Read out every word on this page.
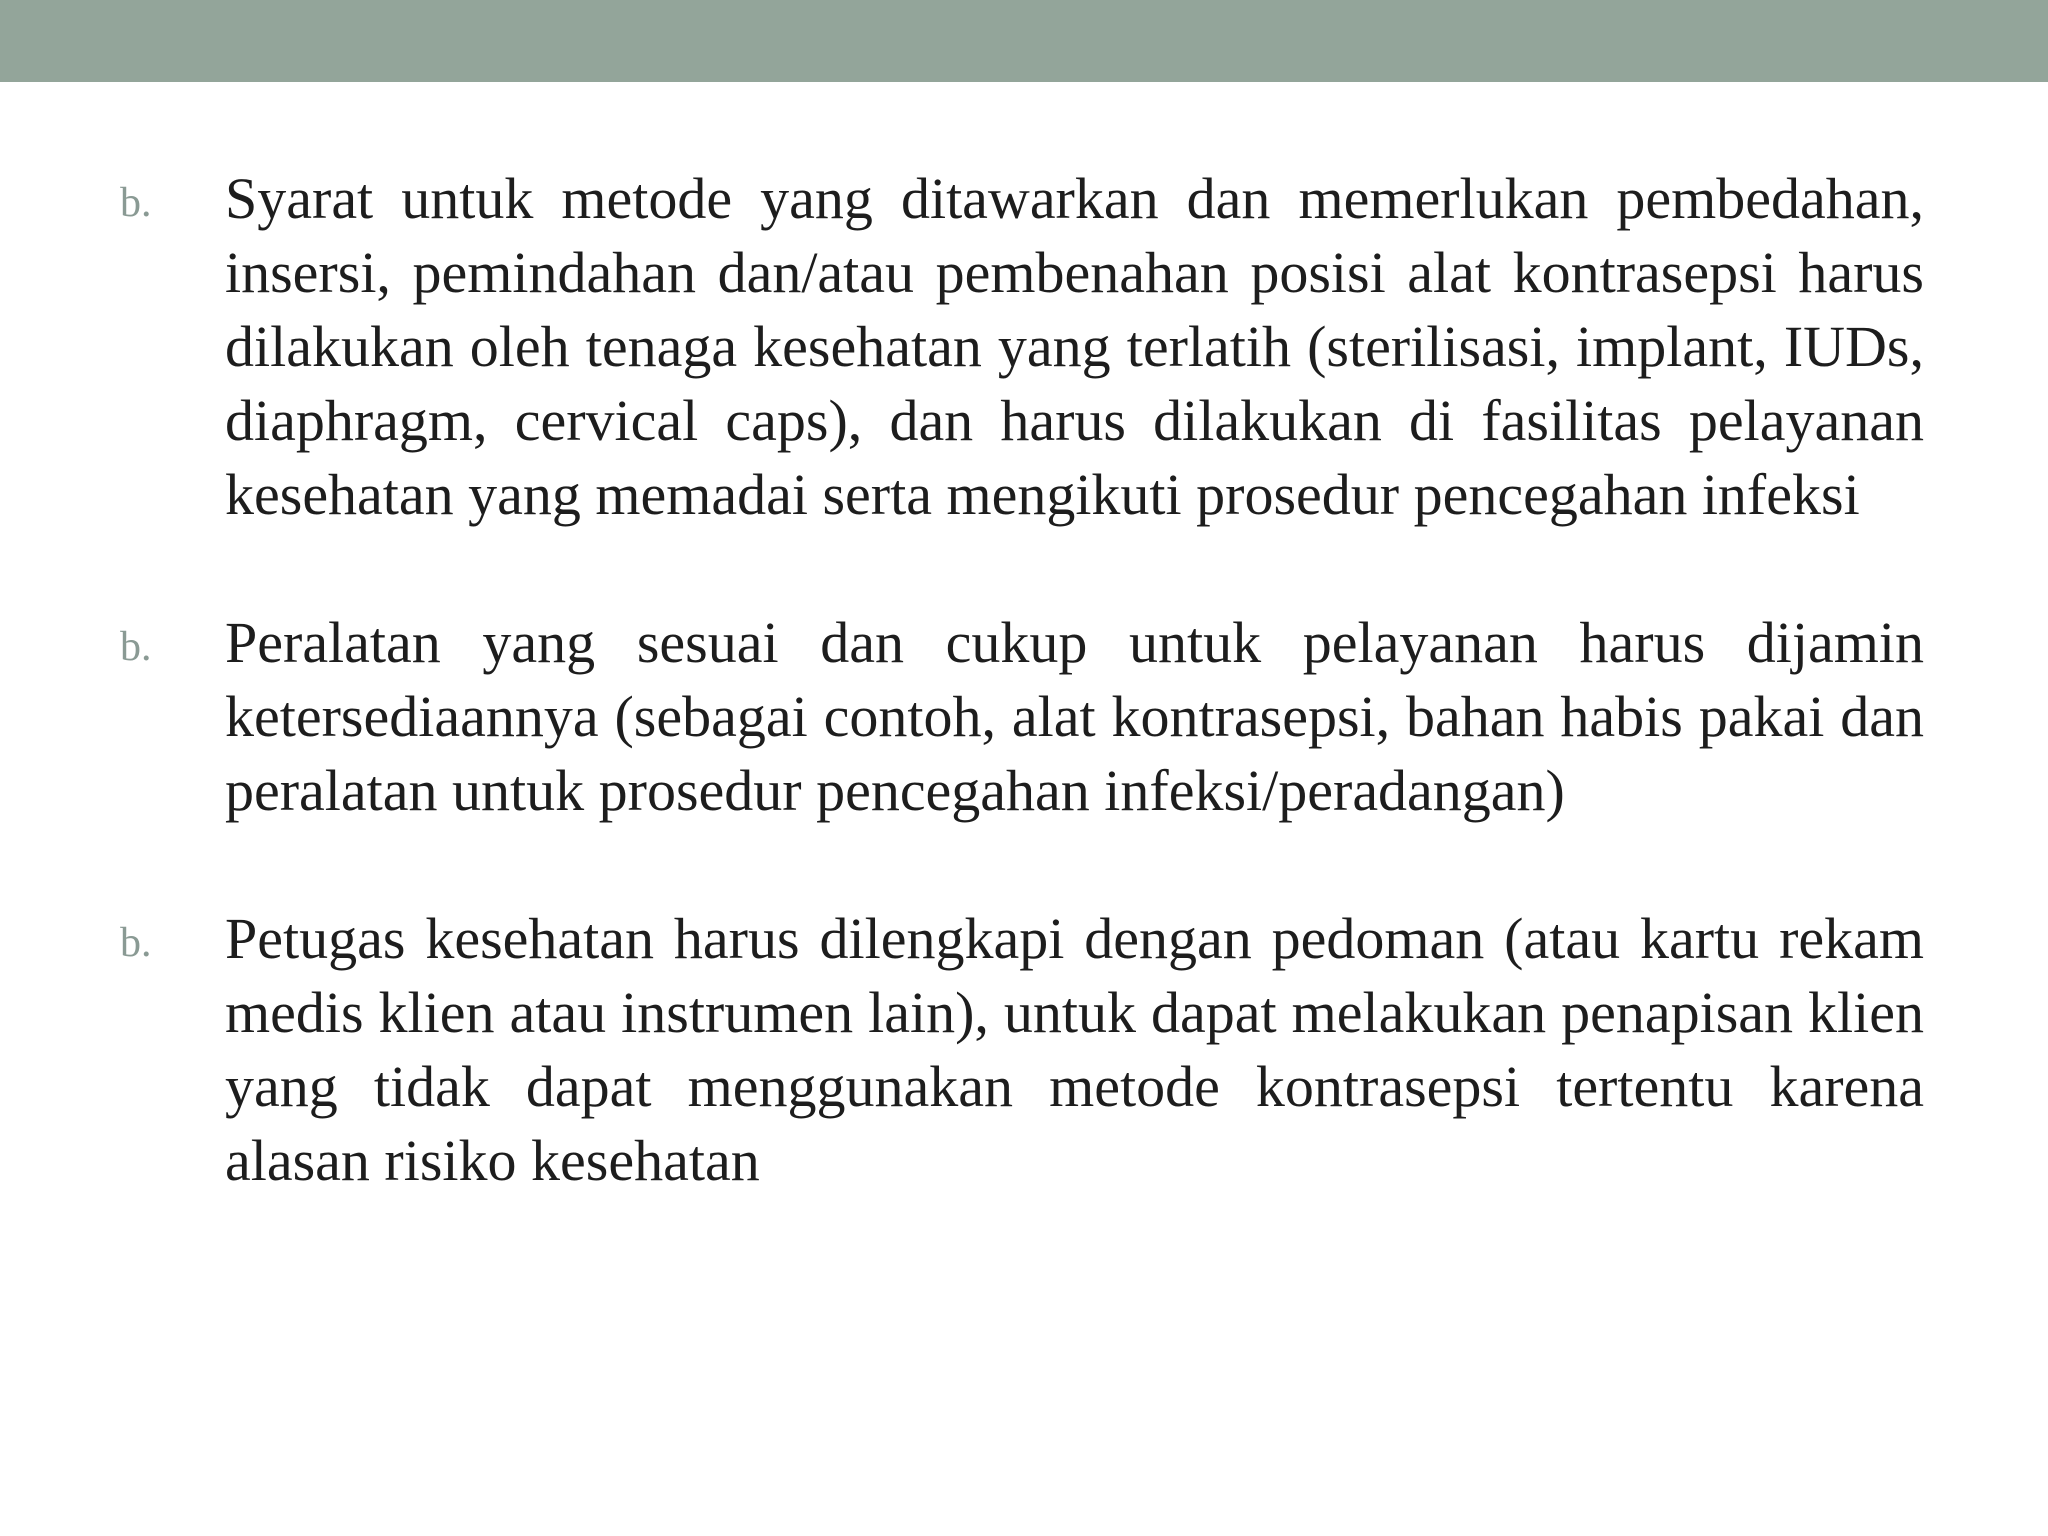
b.	Syarat untuk metode yang ditawarkan dan memerlukan pembedahan, insersi, pemindahan dan/atau pembenahan posisi alat kontrasepsi harus dilakukan oleh tenaga kesehatan yang terlatih (sterilisasi, implant, IUDs, diaphragm, cervical caps), dan harus dilakukan di fasilitas pelayanan kesehatan yang memadai serta mengikuti prosedur pencegahan infeksi
b.	Peralatan yang sesuai dan cukup untuk pelayanan harus dijamin ketersediaannya (sebagai contoh, alat kontrasepsi, bahan habis pakai dan peralatan untuk prosedur pencegahan infeksi/peradangan)
b.	Petugas kesehatan harus dilengkapi dengan pedoman (atau kartu rekam medis klien atau instrumen lain), untuk dapat melakukan penapisan klien yang tidak dapat menggunakan metode kontrasepsi tertentu karena alasan risiko kesehatan
